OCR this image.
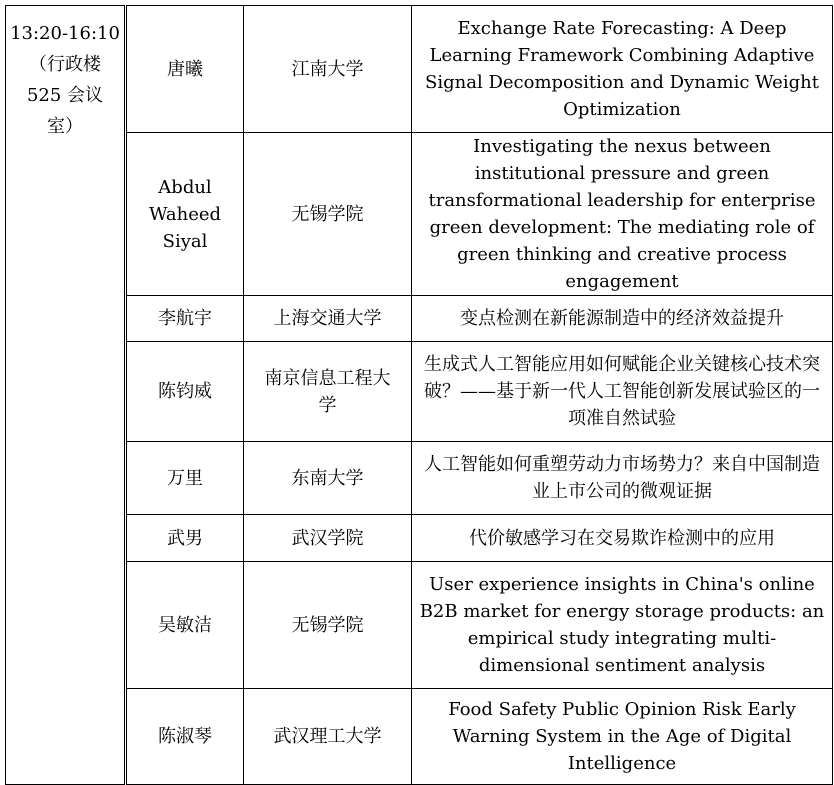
13:20-16:10
（行政楼
525 会议
室）	唐曦	江南大学	Exchange Rate Forecasting: A Deep Learning Framework Combining Adaptive Signal Decomposition and Dynamic Weight Optimization
	Abdul Waheed Siyal	无锡学院	Investigating the nexus between institutional pressure and green transformational leadership for enterprise green development: The mediating role of green thinking and creative process engagement
	李航宇	上海交通大学	变点检测在新能源制造中的经济效益提升
	陈钧威	南京信息工程大学	生成式人工智能应用如何赋能企业关键核心技术突破？——基于新一代人工智能创新发展试验区的一项准自然试验
	万里	东南大学	人工智能如何重塑劳动力市场势力？来自中国制造业上市公司的微观证据
	武男	武汉学院	代价敏感学习在交易欺诈检测中的应用
	吴敏洁	无锡学院	User experience insights in China's online B2B market for energy storage products: an empirical study integrating multi-dimensional sentiment analysis
	陈淑琴	武汉理工大学	Food Safety Public Opinion Risk Early Warning System in the Age of Digital Intelligence
